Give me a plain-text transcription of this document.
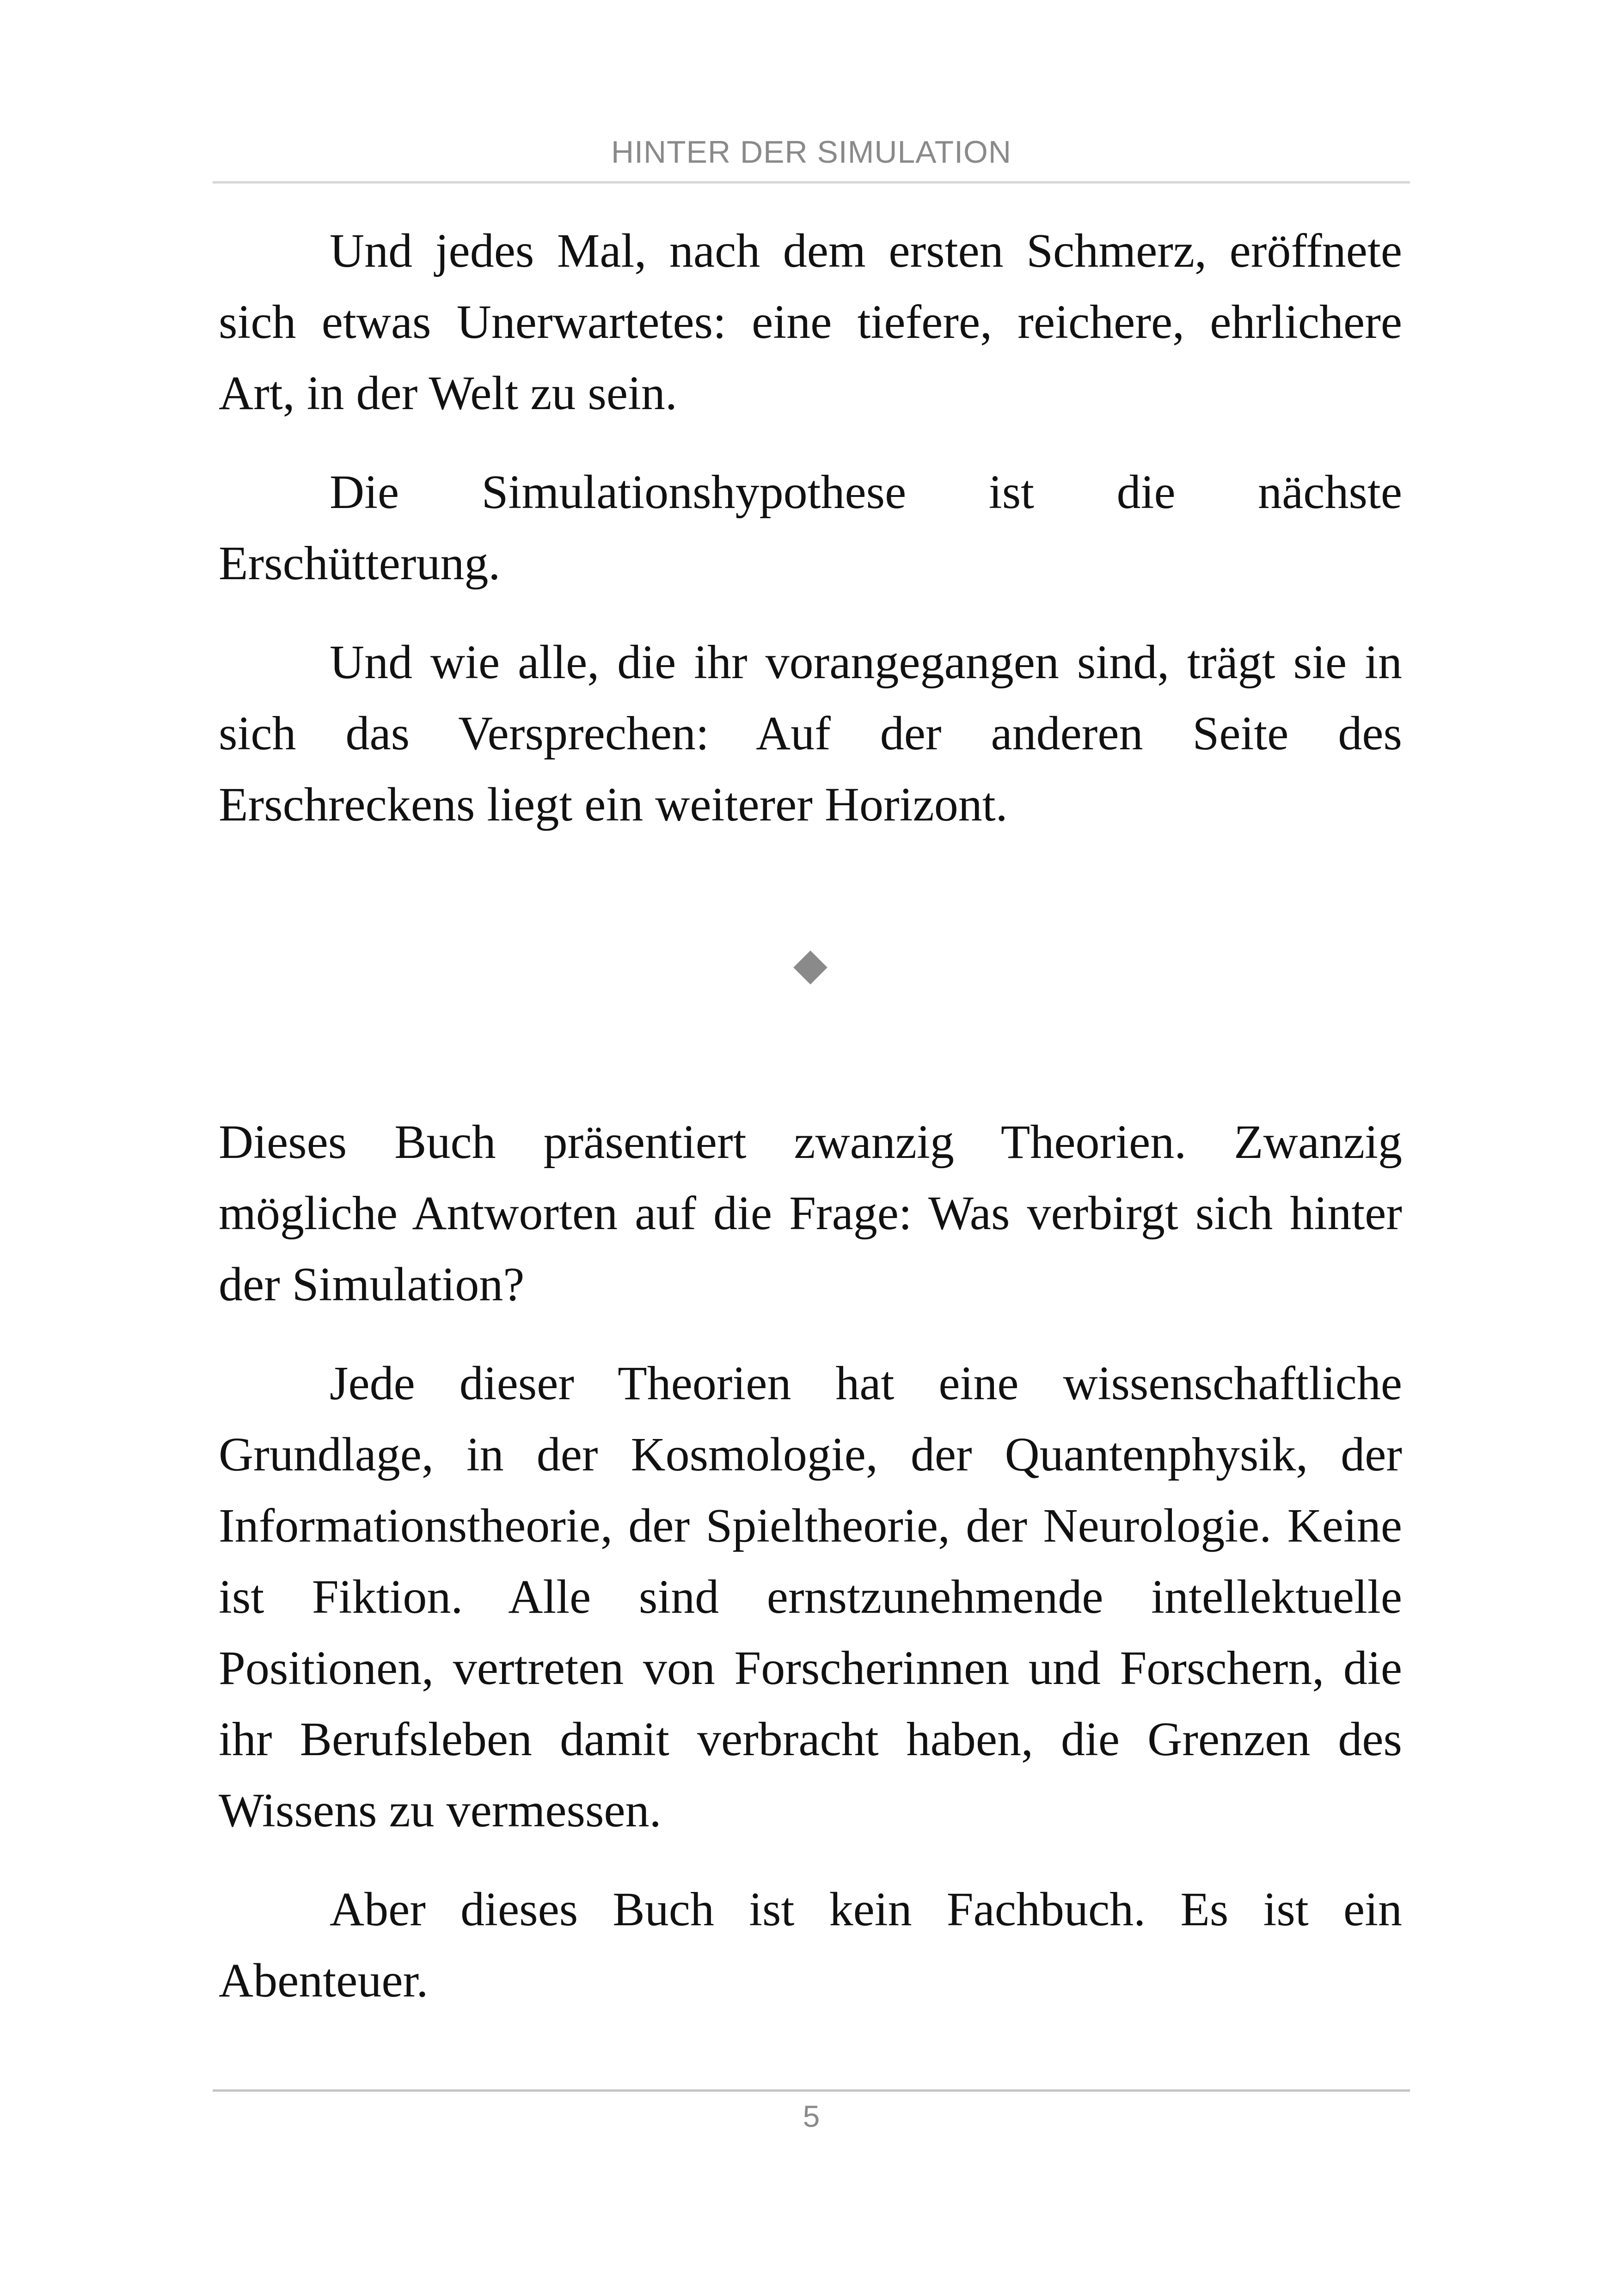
HINTER DER SIMULATION

Und jedes Mal, nach dem ersten Schmerz, eröffnete sich etwas Unerwartetes: eine tiefere, reichere, ehrlichere Art, in der Welt zu sein.

Die Simulationshypothese ist die nächste Erschütterung.

Und wie alle, die ihr vorangegangen sind, trägt sie in sich das Versprechen: Auf der anderen Seite des Erschreckens liegt ein weiterer Horizont.

Dieses Buch präsentiert zwanzig Theorien. Zwanzig mögliche Antworten auf die Frage: Was verbirgt sich hinter der Simulation?

Jede dieser Theorien hat eine wissenschaftliche Grundlage, in der Kosmologie, der Quantenphysik, der Informationstheorie, der Spieltheorie, der Neurologie. Keine ist Fiktion. Alle sind ernstzunehmende intellektuelle Positionen, vertreten von Forscherinnen und Forschern, die ihr Berufsleben damit verbracht haben, die Grenzen des Wissens zu vermessen.

Aber dieses Buch ist kein Fachbuch. Es ist ein Abenteuer.

5
